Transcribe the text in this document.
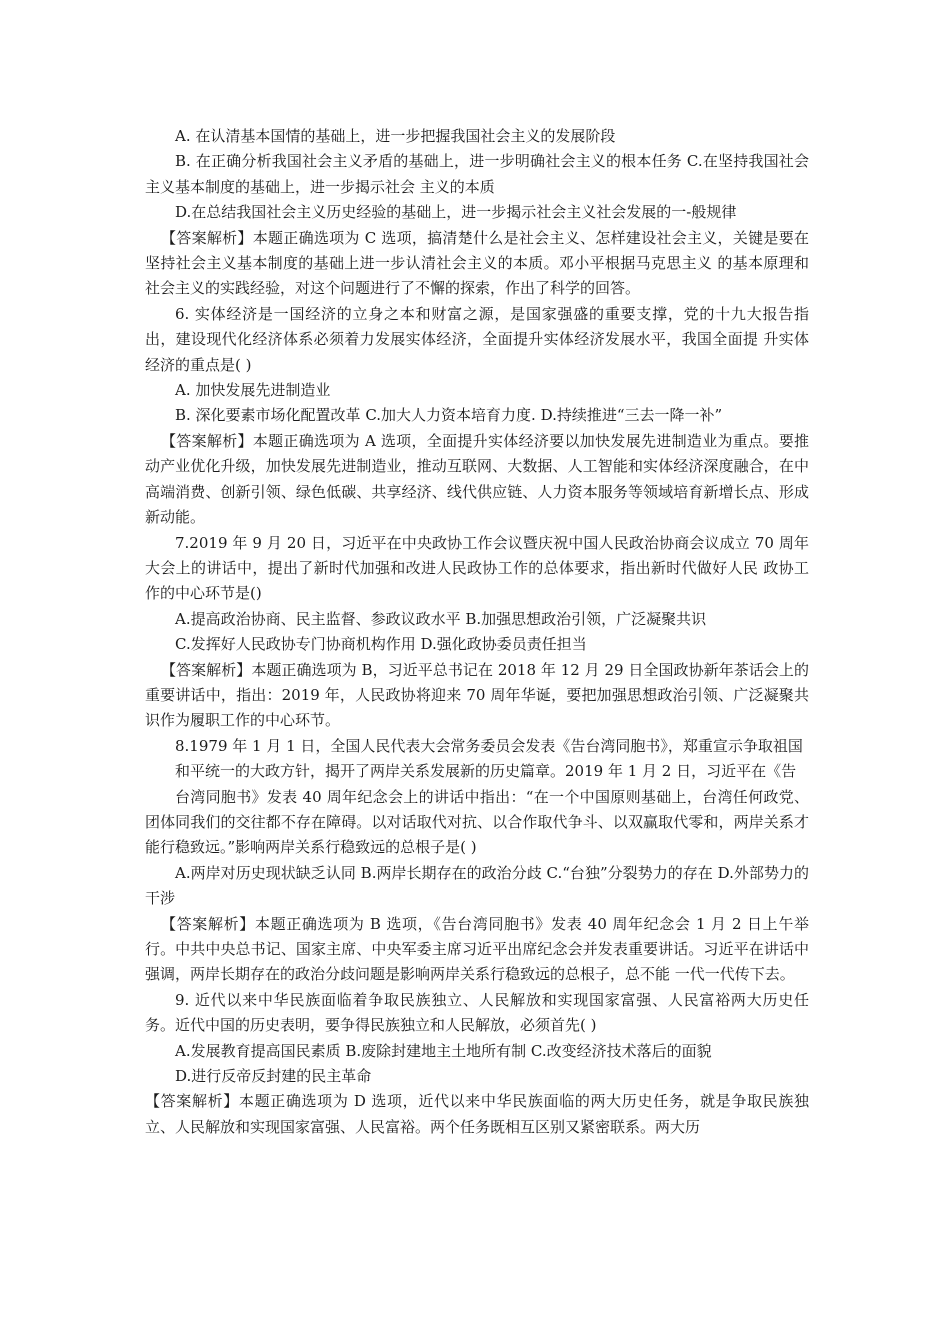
A. 在认清基本国情的基础上，进一步把握我国社会主义的发展阶段

B. 在正确分析我国社会主义矛盾的基础上，进一步明确社会主义的根本任务 C.在坚持我国社会主义基本制度的基础上，进一步揭示社会 主义的本质

D.在总结我国社会主义历史经验的基础上，进一步揭示社会主义社会发展的一-般规律

【答案解析】本题正确选项为 C 选项，搞清楚什么是社会主义、怎样建设社会主义，关键是要在坚持社会主义基本制度的基础上进一步认清社会主义的本质。邓小平根据马克思主义 的基本原理和社会主义的实践经验，对这个问题进行了不懈的探索，作出了科学的回答。

6. 实体经济是一国经济的立身之本和财富之源，是国家强盛的重要支撑，党的十九大报告指 出，建设现代化经济体系必须着力发展实体经济，全面提升实体经济发展水平，我国全面提 升实体经济的重点是( )

A. 加快发展先进制造业

B. 深化要素市场化配置改革 C.加大人力资本培育力度. D.持续推进“三去一降一补”

【答案解析】本题正确选项为 A 选项，全面提升实体经济要以加快发展先进制造业为重点。要推动产业优化升级，加快发展先进制造业，推动互联网、大数据、人工智能和实体经济深度融合，在中高端消费、创新引领、绿色低碳、共享经济、线代供应链、人力资本服务等领域培育新增长点、形成新动能。

7.2019 年 9 月 20 日，习近平在中央政协工作会议暨庆祝中国人民政治协商会议成立 70 周年大会上的讲话中，提出了新时代加强和改进人民政协工作的总体要求，指出新时代做好人民 政协工作的中心环节是()

A.提高政治协商、民主监督、参政议政水平 B.加强思想政治引领，广泛凝聚共识

C.发挥好人民政协专门协商机构作用 D.强化政协委员责任担当

【答案解析】本题正确选项为 B，习近平总书记在 2018 年 12 月 29 日全国政协新年茶话会上的重要讲话中，指出：2019 年，人民政协将迎来 70 周年华诞，要把加强思想政治引领、广泛凝聚共识作为履职工作的中心环节。

8.1979 年 1 月 1 日，全国人民代表大会常务委员会发表《告台湾同胞书》，郑重宣示争取祖国

和平统一的大政方针，揭开了两岸关系发展新的历史篇章。2019 年 1 月 2 日，习近平在《告

台湾同胞书》发表 40 周年纪念会上的讲话中指出：“在一个中国原则基础上，台湾任何政党、团体同我们的交往都不存在障碍。以对话取代对抗、以合作取代争斗、以双赢取代零和，两岸关系才能行稳致远。”影响两岸关系行稳致远的总根子是( )

A.两岸对历史现状缺乏认同 B.两岸长期存在的政治分歧 C.“台独”分裂势力的存在 D.外部势力的干涉

【答案解析】本题正确选项为 B 选项，《告台湾同胞书》发表 40 周年纪念会 1 月 2 日上午举行。中共中央总书记、国家主席、中央军委主席习近平出席纪念会并发表重要讲话。习近平在讲话中强调，两岸长期存在的政治分歧问题是影响两岸关系行稳致远的总根子，总不能 一代一代传下去。

9. 近代以来中华民族面临着争取民族独立、人民解放和实现国家富强、人民富裕两大历史任 务。近代中国的历史表明，要争得民族独立和人民解放，必须首先( )

A.发展教育提高国民素质 B.废除封建地主土地所有制 C.改变经济技术落后的面貌

D.进行反帝反封建的民主革命

【答案解析】本题正确选项为 D 选项，近代以来中华民族面临的两大历史任务，就是争取民族独立、人民解放和实现国家富强、人民富裕。两个任务既相互区别又紧密联系。两大历
